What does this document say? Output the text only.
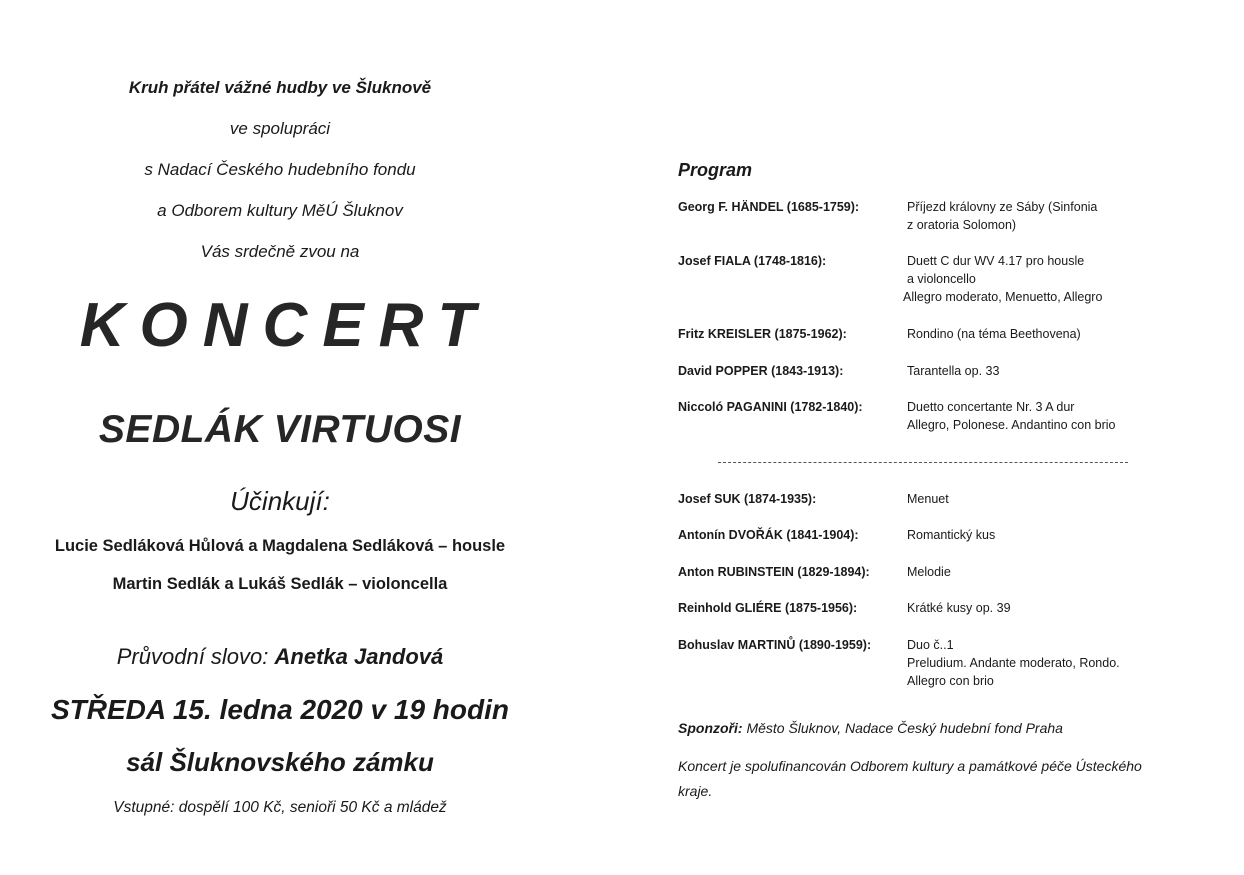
Kruh přátel vážné hudby ve Šluknově
ve spolupráci
s Nadací Českého hudebního fondu
a Odborem kultury MěÚ Šluknov
Vás srdečně zvou na
KONCERT
SEDLÁK VIRTUOSI
Účinkují:
Lucie Sedláková Hůlová a Magdalena Sedláková – housle
Martin Sedlák a Lukáš Sedlák – violoncella
Průvodní slovo: Anetka Jandová
STŘEDA 15. ledna 2020 v 19 hodin
sál Šluknovského zámku
Vstupné: dospělí 100 Kč, senioři 50 Kč a mládež
Program
Georg F. HÄNDEL (1685-1759):	Příjezd královny ze Sáby (Sinfonia
z oratoria Solomon)
Josef FIALA (1748-1816):	Duett C dur WV 4.17 pro housle
a violoncello
Allegro moderato, Menuetto, Allegro
Fritz KREISLER (1875-1962):	Rondino (na téma Beethovena)
David POPPER (1843-1913):	Tarantella op. 33
Niccoló PAGANINI (1782-1840):	Duetto concertante Nr. 3 A dur
Allegro, Polonese. Andantino con brio
Josef SUK (1874-1935):	Menuet
Antonín DVOŘÁK (1841-1904):	Romantický kus
Anton RUBINSTEIN (1829-1894):	Melodie
Reinhold GLIÉRE (1875-1956):	Krátké kusy op. 39
Bohuslav MARTINŮ (1890-1959):	Duo č..1
Preludium. Andante moderato, Rondo.
Allegro con brio
Sponzoři: Město Šluknov, Nadace Český hudební fond Praha
Koncert je spolufinancován Odborem kultury a památkové péče Ústeckého kraje.
